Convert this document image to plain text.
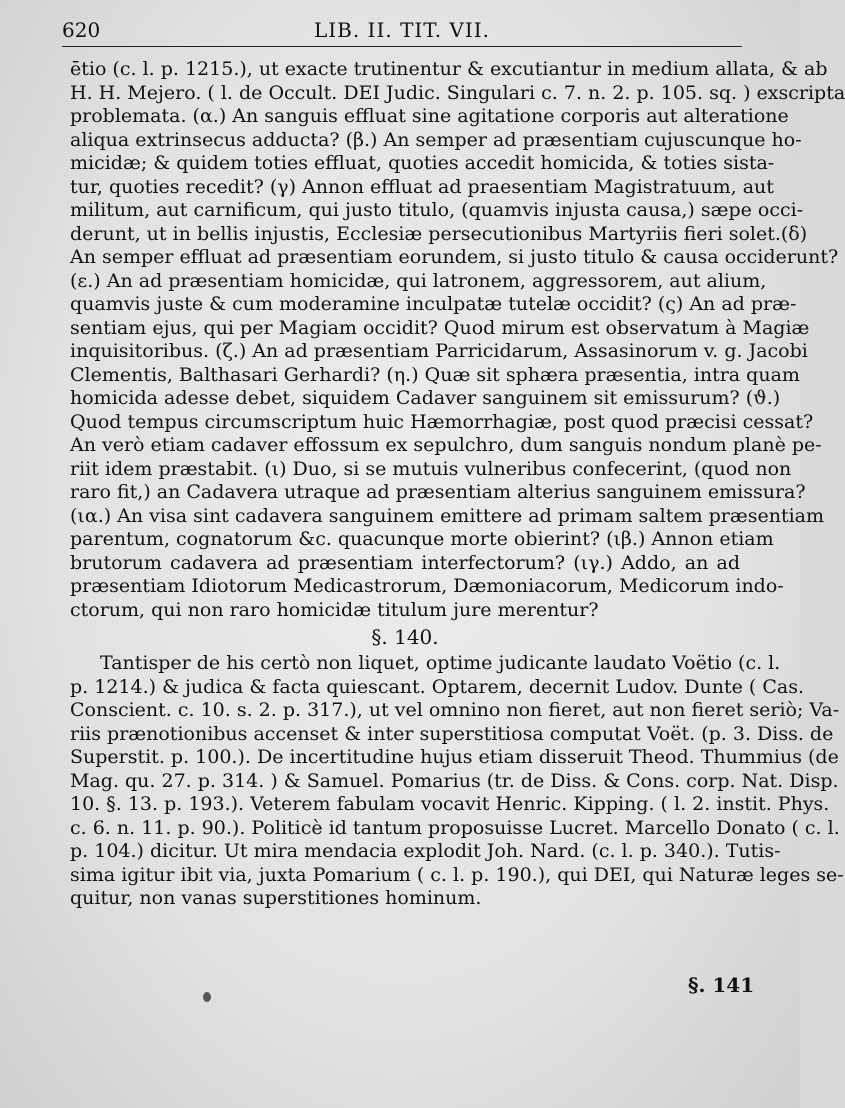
620	LIB. II. TIT. VII.
ētio (c. l. p. 1215.), ut exacte trutinentur & excutiantur in medium allata, & ab
H. H. Mejero. ( l. de Occult. DEI Judic. Singulari c. 7. n. 2. p. 105. sq. ) exscripta
problemata. (α.) An sanguis effluat sine agitatione corporis aut alteratione
aliqua extrinsecus adducta? (β.) An semper ad præsentiam cujuscunque ho-
micidæ; & quidem toties effluat, quoties accedit homicida, & toties sista-
tur, quoties recedit? (γ) Annon effluat ad praesentiam Magistratuum, aut
militum, aut carnificum, qui justo titulo, (quamvis injusta causa,) sæpe occi-
derunt, ut in bellis injustis, Ecclesiæ persecutionibus Martyriis fieri solet.(δ)
An semper effluat ad præsentiam eorundem, si justo titulo & causa occiderunt?
(ε.) An ad præsentiam homicidæ, qui latronem, aggressorem, aut alium,
quamvis juste & cum moderamine inculpatæ tutelæ occidit? (ς) An ad præ-
sentiam ejus, qui per Magiam occidit? Quod mirum est observatum à Magiæ
inquisitoribus. (ζ.) An ad præsentiam Parricidarum, Assasinorum v. g. Jacobi
Clementis, Balthasari Gerhardi? (η.) Quæ sit sphæra præsentia, intra quam
homicida adesse debet, siquidem Cadaver sanguinem sit emissurum? (ϑ.)
Quod tempus circumscriptum huic Hæmorrhagiæ, post quod præcisi cessat?
An verò etiam cadaver effossum ex sepulchro, dum sanguis nondum planè pe-
riit idem præstabit. (ι) Duo, si se mutuis vulneribus confecerint, (quod non
raro fit,) an Cadavera utraque ad præsentiam alterius sanguinem emissura?
(ια.) An visa sint cadavera sanguinem emittere ad primam saltem præsentiam
parentum, cognatorum &c. quacunque morte obierint? (ιβ.) Annon etiam
brutorum cadavera ad præsentiam interfectorum? (ιγ.) Addo, an ad
præsentiam Idiotorum Medicastrorum, Dæmoniacorum, Medicorum indo-
ctorum, qui non raro homicidæ titulum jure merentur?
§. 140.
Tantisper de his certò non liquet, optime judicante laudato Voëtio (c. l.
p. 1214.) & judica & facta quiescant. Optarem, decernit Ludov. Dunte ( Cas.
Conscient. c. 10. s. 2. p. 317.), ut vel omnino non fieret, aut non fieret seriò; Va-
riis prænotionibus accenset & inter superstitiosa computat Voët. (p. 3. Diss. de
Superstit. p. 100.). De incertitudine hujus etiam disseruit Theod. Thummius (de
Mag. qu. 27. p. 314. ) & Samuel. Pomarius (tr. de Diss. & Cons. corp. Nat. Disp.
10. §. 13. p. 193.). Veterem fabulam vocavit Henric. Kipping. ( l. 2. instit. Phys.
c. 6. n. 11. p. 90.). Politicè id tantum proposuisse Lucret. Marcello Donato ( c. l.
p. 104.) dicitur. Ut mira mendacia explodit Joh. Nard. (c. l. p. 340.). Tutis-
sima igitur ibit via, juxta Pomarium ( c. l. p. 190.), qui DEI, qui Naturæ leges se-
quitur, non vanas superstitiones hominum.
§. 141
